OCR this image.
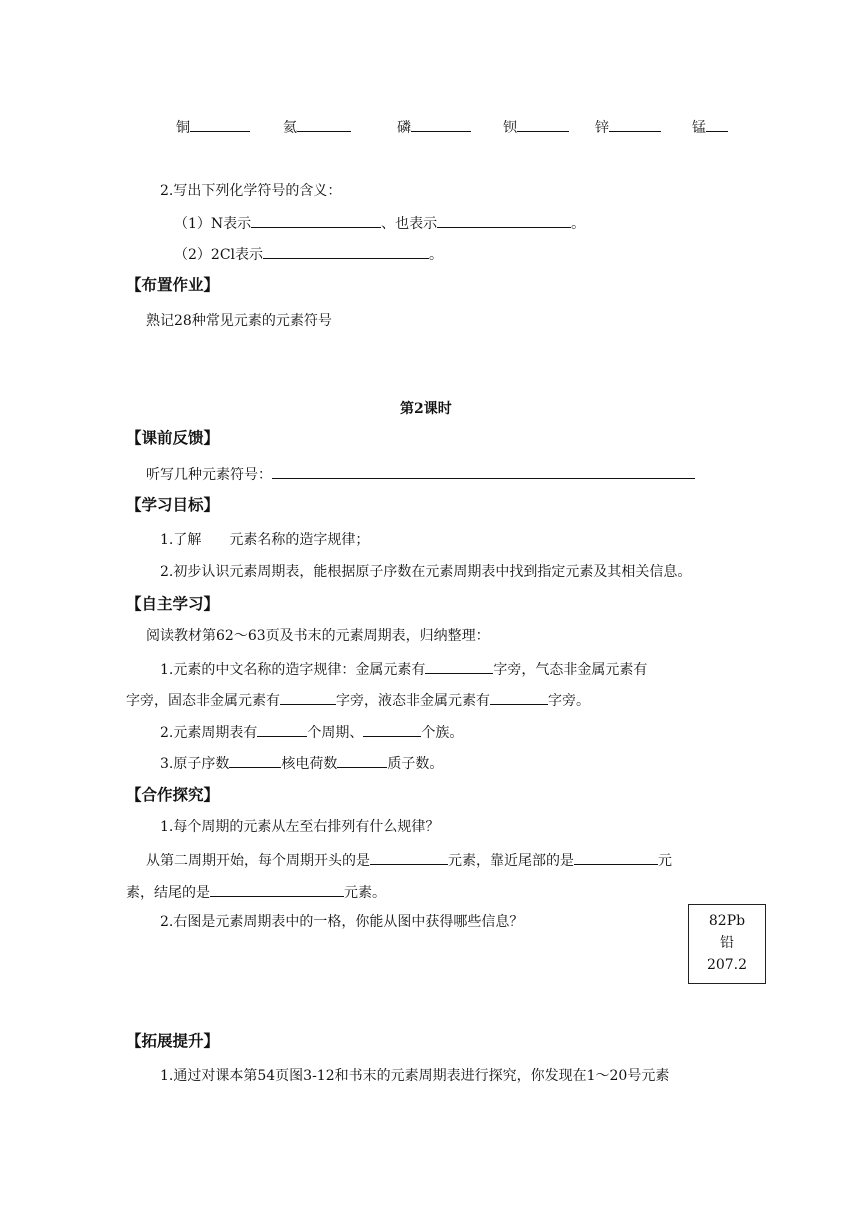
铜	氦	磷	钡	锌	锰
2.写出下列化学符号的含义：
（1）N表示	、也表示	。
（2）2Cl表示	。
【布置作业】
熟记28种常见元素的元素符号
第2课时
【课前反馈】
听写几种元素符号：
【学习目标】
1.了解　　元素名称的造字规律；
2.初步认识元素周期表，能根据原子序数在元素周期表中找到指定元素及其相关信息。
【自主学习】
阅读教材第62～63页及书末的元素周期表，归纳整理：
1.元素的中文名称的造字规律：金属元素有	字旁，气态非金属元素有
字旁，固态非金属元素有	字旁，液态非金属元素有	字旁。
2.元素周期表有	个周期、	个族。
3.原子序数	核电荷数	质子数。
【合作探究】
1.每个周期的元素从左至右排列有什么规律？
从第二周期开始，每个周期开头的是	元素，靠近尾部的是	元
素，结尾的是	元素。
2.右图是元素周期表中的一格，你能从图中获得哪些信息？	82Pb
铅
207.2
【拓展提升】
1.通过对课本第54页图3-12和书末的元素周期表进行探究，你发现在1～20号元素
